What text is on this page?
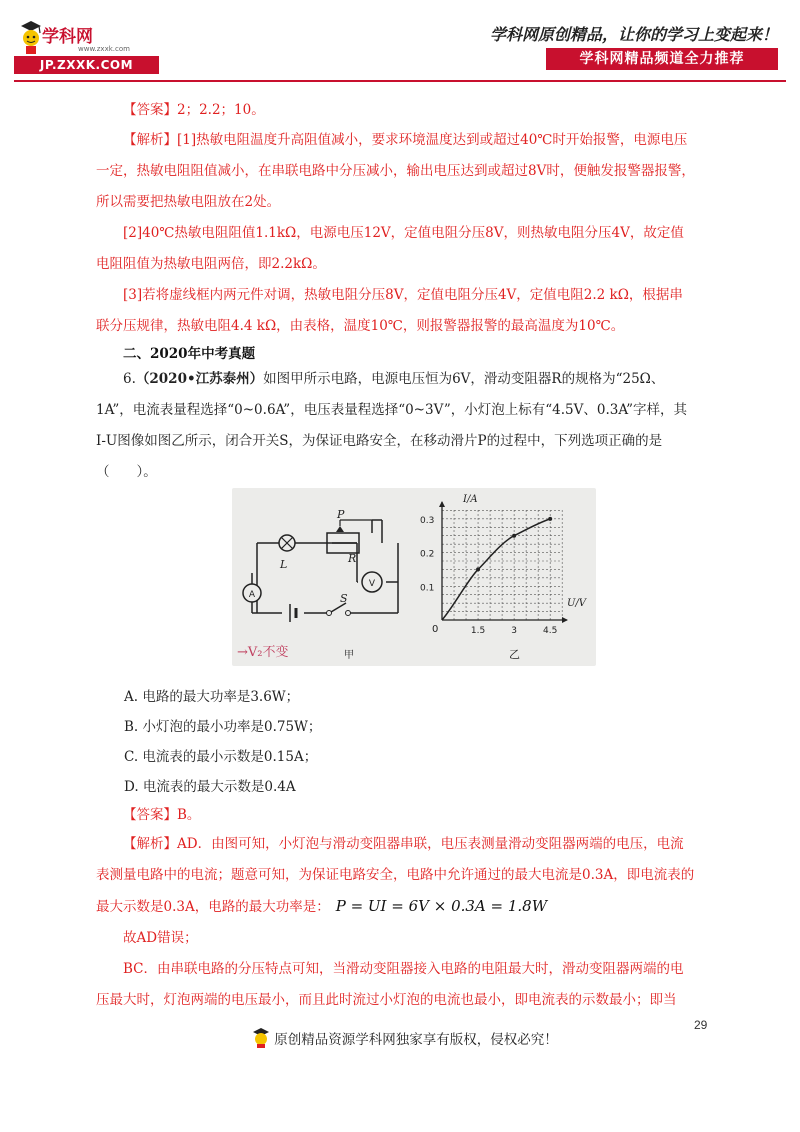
学科网
www.zxxk.com
JP.ZXXK.COM
学科网原创精品，让你的学习上变起来！
学科网精品频道全力推荐

【答案】2；2.2；10。

【解析】[1]热敏电阻温度升高阻值减小，要求环境温度达到或超过40℃时开始报警，电源电压一定，热敏电阻阻值减小，在串联电路中分压减小，输出电压达到或超过8V时，便触发报警器报警，所以需要把热敏电阻放在2处。

[2]40℃热敏电阻阻值1.1kΩ，电源电压12V，定值电阻分压8V，则热敏电阻分压4V，故定值电阻阻值为热敏电阻两倍，即2.2kΩ。

[3]若将虚线框内两元件对调，热敏电阻分压8V，定值电阻分压4V，定值电阻2.2 kΩ，根据串联分压规律，热敏电阻4.4 kΩ，由表格，温度10℃，则报警器报警的最高温度为10℃。

二、2020年中考真题
6.（2020•江苏泰州）如图甲所示电路，电源电压恒为6V，滑动变阻器R的规格为“25Ω、1A”，电流表量程选择“0~0.6A”，电压表量程选择“0~3V”，小灯泡上标有“4.5V、0.3A”字样，其I-U图像如图乙所示，闭合开关S，为保证电路安全，在移动滑片P的过程中，下列选项正确的是（　　）。
P
R
L
S
V
A
→V₂不变	甲
0.3
0.2
0.1
1.5	3	4.5
I/A
U/V
0
乙

A. 电路的最大功率是3.6W；

B. 小灯泡的最小功率是0.75W；

C. 电流表的最小示数是0.15A；

D. 电流表的最大示数是0.4A

【答案】B。

【解析】AD．由图可知，小灯泡与滑动变阻器串联，电压表测量滑动变阻器两端的电压，电流表测量电路中的电流；题意可知，为保证电路安全，电路中允许通过的最大电流是0.3A，即电流表的最大示数是0.3A，电路的最大功率是： P = UI = 6V × 0.3A = 1.8W

故AD错误；

BC．由串联电路的分压特点可知，当滑动变阻器接入电路的电阻最大时，滑动变阻器两端的电压最大时，灯泡两端的电压最小，而且此时流过小灯泡的电流也最小，即电流表的示数最小；即当

29
原创精品资源学科网独家享有版权，侵权必究！
